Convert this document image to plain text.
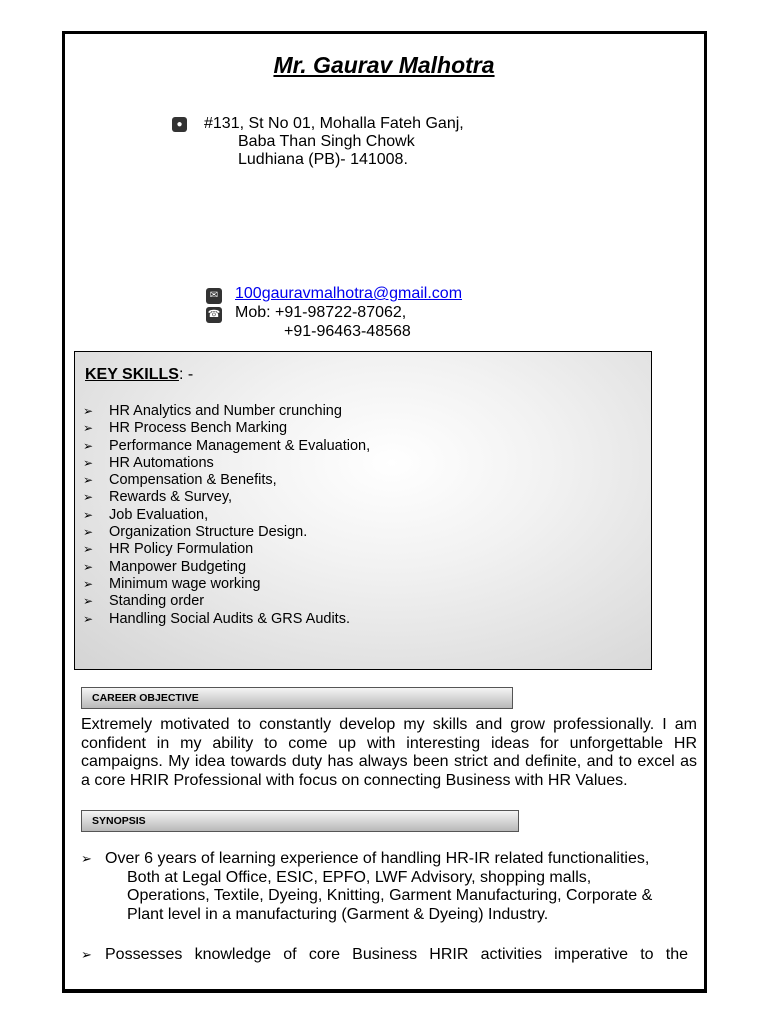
Mr. Gaurav Malhotra
● #131, St No 01, Mohalla Fateh Ganj,
Baba Than Singh Chowk
Ludhiana (PB)- 141008.
✉ 100gauravmalhotra@gmail.com
☎ Mob: +91-98722-87062,
+91-96463-48568
KEY SKILLS: -
➢ HR Analytics and Number crunching
➢ HR Process Bench Marking
➢ Performance Management & Evaluation,
➢ HR Automations
➢ Compensation & Benefits,
➢ Rewards & Survey,
➢ Job Evaluation,
➢ Organization Structure Design.
➢ HR Policy Formulation
➢ Manpower Budgeting
➢ Minimum wage working
➢ Standing order
➢ Handling Social Audits & GRS Audits.
CAREER OBJECTIVE
Extremely motivated to constantly develop my skills and grow professionally. I am confident in my ability to come up with interesting ideas for unforgettable HR campaigns. My idea towards duty has always been strict and definite, and to excel as a core HRIR Professional with focus on connecting Business with HR Values.
SYNOPSIS
➢ Over 6 years of learning experience of handling HR-IR related functionalities,
Both at Legal Office, ESIC, EPFO, LWF Advisory, shopping malls, Operations, Textile, Dyeing, Knitting, Garment Manufacturing, Corporate & Plant level in a manufacturing (Garment & Dyeing) Industry.
➢ Possesses knowledge of core Business HRIR activities imperative to the
